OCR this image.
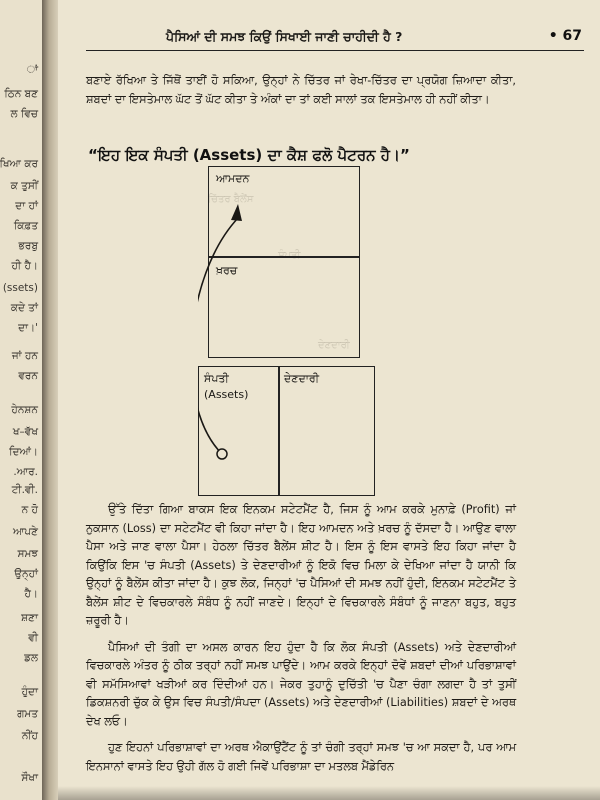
ਾਂ
ਠਿਨ ਬਣ
ਲ ਵਿਚ
ਖਿਆ ਕਰ
ਕ ਤੁਸੀਂ
ਦਾ ਹਾਂ
ਕਿਫ਼ਤ
ਭਰਬੁ
ਹੀ ਹੈ।
(ssets)
ਕਦੇ ਤਾਂ
ਦਾ।'
ਜਾਂ ਹਨ
ਵਰਨ
ਹੇਨਸ਼ਨ
ਖ–ਵੱਖ
ਦਿਆਂ।
.ਆਰ.
ਟੀ.ਵੀ.
ਨ ਹੋ
ਆਪਣੇ
ਸਮਝ
ਉਨ੍ਹਾਂ
ਹੈ।
ਸ਼ਣਾ
ਵੀ
ਡਲ
ਹੁੰਦਾ
ਗਮਤ
ਨੀਂਹ
ਸੌਖਾ
ਚਿੱਤਰ ਬੈਲੇਂਸ
ਸੰਪਤੀ
ਦੇਣਦਾਰੀ
ਪੈਸਿਆਂ ਦੀ ਸਮਝ ਕਿਉਂ ਸਿਖਾਈ ਜਾਣੀ ਚਾਹੀਦੀ ਹੈ ?	• 67

ਬਣਾਏ ਰੱਖਿਆ ਤੇ ਜਿੱਥੋਂ ਤਾਈਂ ਹੋ ਸਕਿਆ, ਉਨ੍ਹਾਂ ਨੇ ਚਿੱਤਰ ਜਾਂ ਰੇਖਾ-ਚਿੱਤਰ ਦਾ ਪ੍ਰਯੋਗ ਜ਼ਿਆਦਾ ਕੀਤਾ, ਸ਼ਬਦਾਂ ਦਾ ਇਸਤੇਮਾਲ ਘੱਟ ਤੋਂ ਘੱਟ ਕੀਤਾ ਤੇ ਅੰਕਾਂ ਦਾ ਤਾਂ ਕਈ ਸਾਲਾਂ ਤਕ ਇਸਤੇਮਾਲ ਹੀ ਨਹੀਂ ਕੀਤਾ।

“ਇਹ ਇਕ ਸੰਪਤੀ (Assets) ਦਾ ਕੈਸ਼ ਫਲੋ ਪੈਟਰਨ ਹੈ।”
ਆਮਦਨ
ਖ਼ਰਚ
ਸੰਪਤੀ
(Assets)
ਦੇਣਦਾਰੀ

ਉੱਤੇ ਦਿੱਤਾ ਗਿਆ ਬਾਕਸ ਇਕ ਇਨਕਮ ਸਟੇਟਮੈਂਟ ਹੈ, ਜਿਸ ਨੂੰ ਆਮ ਕਰਕੇ ਮੁਨਾਫ਼ੇ (Profit) ਜਾਂ ਨੁਕਸਾਨ (Loss) ਦਾ ਸਟੇਟਮੈਂਟ ਵੀ ਕਿਹਾ ਜਾਂਦਾ ਹੈ। ਇਹ ਆਮਦਨ ਅਤੇ ਖ਼ਰਚ ਨੂੰ ਦੱਸਦਾ ਹੈ। ਆਉਣ ਵਾਲਾ ਪੈਸਾ ਅਤੇ ਜਾਣ ਵਾਲਾ ਪੈਸਾ। ਹੇਠਲਾ ਚਿੱਤਰ ਬੈਲੇਂਸ ਸ਼ੀਟ ਹੈ। ਇਸ ਨੂੰ ਇਸ ਵਾਸਤੇ ਇਹ ਕਿਹਾ ਜਾਂਦਾ ਹੈ ਕਿਉਂਕਿ ਇਸ 'ਚ ਸੰਪਤੀ (Assets) ਤੇ ਦੇਣਦਾਰੀਆਂ ਨੂੰ ਇਕੋ ਵਿਚ ਮਿਲਾ ਕੇ ਦੇਖਿਆ ਜਾਂਦਾ ਹੈ ਯਾਨੀ ਕਿ ਉਨ੍ਹਾਂ ਨੂੰ ਬੈਲੇਂਸ ਕੀਤਾ ਜਾਂਦਾ ਹੈ। ਕੁਝ ਲੋਕ, ਜਿਨ੍ਹਾਂ 'ਚ ਪੈਸਿਆਂ ਦੀ ਸਮਝ ਨਹੀਂ ਹੁੰਦੀ, ਇਨਕਮ ਸਟੇਟਮੈਂਟ ਤੇ ਬੈਲੇਂਸ ਸ਼ੀਟ ਦੇ ਵਿਚਕਾਰਲੇ ਸੰਬੰਧ ਨੂੰ ਨਹੀਂ ਜਾਣਦੇ। ਇਨ੍ਹਾਂ ਦੇ ਵਿਚਕਾਰਲੇ ਸੰਬੰਧਾਂ ਨੂੰ ਜਾਣਨਾ ਬਹੁਤ, ਬਹੁਤ ਜ਼ਰੂਰੀ ਹੈ।

ਪੈਸਿਆਂ ਦੀ ਤੰਗੀ ਦਾ ਅਸਲ ਕਾਰਨ ਇਹ ਹੁੰਦਾ ਹੈ ਕਿ ਲੋਕ ਸੰਪਤੀ (Assets) ਅਤੇ ਦੇਣਦਾਰੀਆਂ ਵਿਚਕਾਰਲੇ ਅੰਤਰ ਨੂੰ ਠੀਕ ਤਰ੍ਹਾਂ ਨਹੀਂ ਸਮਝ ਪਾਉਂਦੇ। ਆਮ ਕਰਕੇ ਇਨ੍ਹਾਂ ਦੋਵੇਂ ਸ਼ਬਦਾਂ ਦੀਆਂ ਪਰਿਭਾਸ਼ਾਵਾਂ ਵੀ ਸਮੱਸਿਆਵਾਂ ਖੜੀਆਂ ਕਰ ਦਿੰਦੀਆਂ ਹਨ। ਜੇਕਰ ਤੁਹਾਨੂੰ ਦੁਚਿੱਤੀ 'ਚ ਪੈਣਾ ਚੰਗਾ ਲਗਦਾ ਹੈ ਤਾਂ ਤੁਸੀਂ ਡਿਕਸ਼ਨਰੀ ਚੁੱਕ ਕੇ ਉਸ ਵਿਚ ਸੰਪਤੀ/ਸੰਪਦਾ (Assets) ਅਤੇ ਦੇਣਦਾਰੀਆਂ (Liabilities) ਸ਼ਬਦਾਂ ਦੇ ਅਰਥ ਦੇਖ ਲਓ।

ਹੁਣ ਇਹਨਾਂ ਪਰਿਭਾਸ਼ਾਵਾਂ ਦਾ ਅਰਥ ਐਕਾਉਂਟੈਂਟ ਨੂੰ ਤਾਂ ਚੰਗੀ ਤਰ੍ਹਾਂ ਸਮਝ 'ਚ ਆ ਸਕਦਾ ਹੈ, ਪਰ ਆਮ ਇਨਸਾਨਾਂ ਵਾਸਤੇ ਇਹ ਉਹੀ ਗੱਲ ਹੋ ਗਈ ਜਿਵੇਂ ਪਰਿਭਾਸ਼ਾ ਦਾ ਮਤਲਬ ਮੈਂਡੇਰਿਨ
